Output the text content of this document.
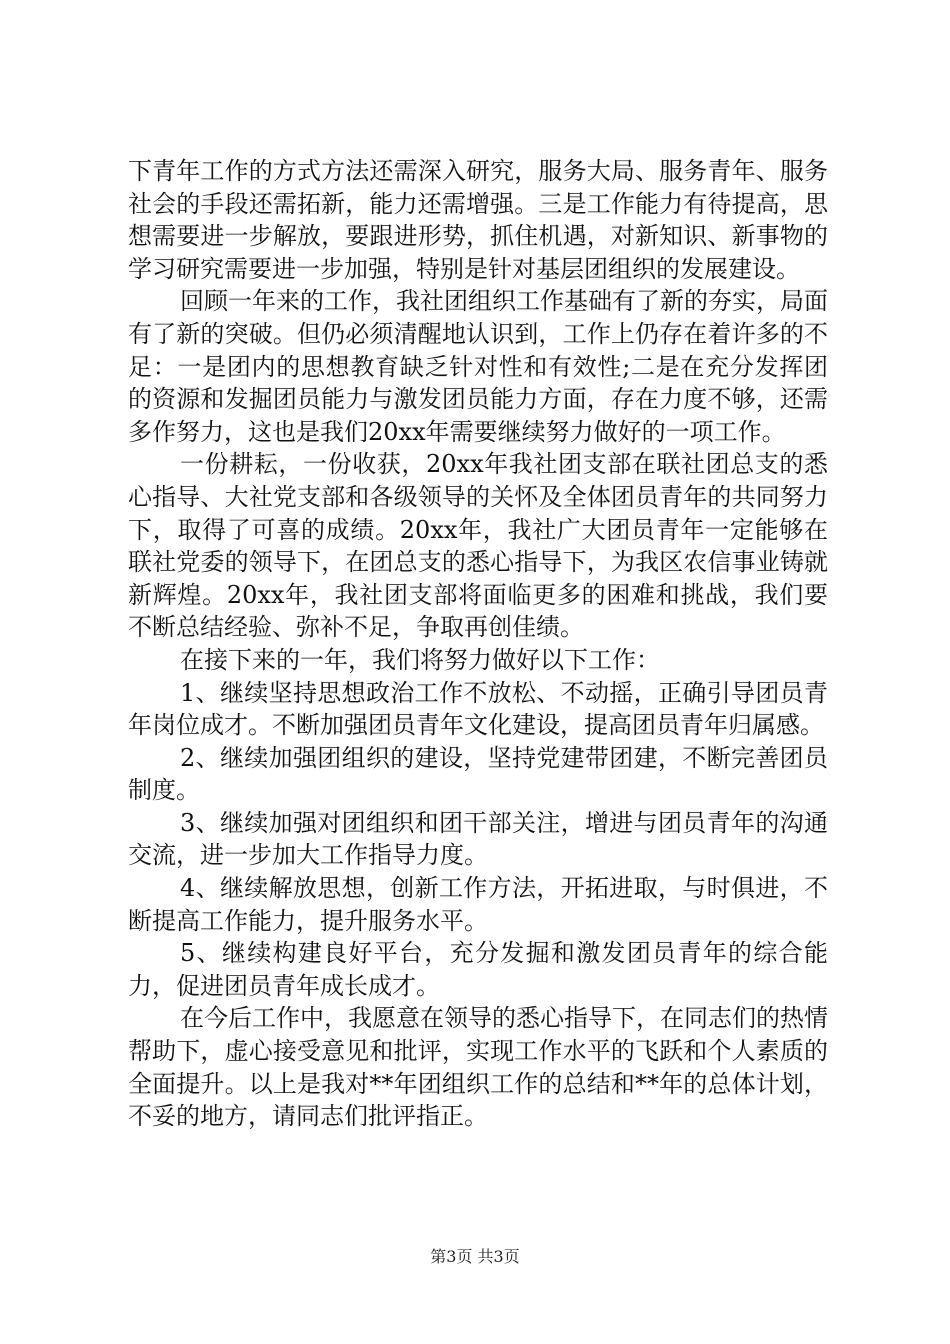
下青年工作的方式方法还需深入研究，服务大局、服务青年、服务社会的手段还需拓新，能力还需增强。三是工作能力有待提高，思想需要进一步解放，要跟进形势，抓住机遇，对新知识、新事物的学习研究需要进一步加强，特别是针对基层团组织的发展建设。

回顾一年来的工作，我社团组织工作基础有了新的夯实，局面有了新的突破。但仍必须清醒地认识到，工作上仍存在着许多的不足：一是团内的思想教育缺乏针对性和有效性;二是在充分发挥团的资源和发掘团员能力与激发团员能力方面，存在力度不够，还需多作努力，这也是我们20xx年需要继续努力做好的一项工作。

一份耕耘，一份收获，20xx年我社团支部在联社团总支的悉心指导、大社党支部和各级领导的关怀及全体团员青年的共同努力下，取得了可喜的成绩。20xx年，我社广大团员青年一定能够在联社党委的领导下，在团总支的悉心指导下，为我区农信事业铸就新辉煌。20xx年，我社团支部将面临更多的困难和挑战，我们要不断总结经验、弥补不足，争取再创佳绩。

在接下来的一年，我们将努力做好以下工作：

1、继续坚持思想政治工作不放松、不动摇，正确引导团员青年岗位成才。不断加强团员青年文化建设，提高团员青年归属感。

2、继续加强团组织的建设，坚持党建带团建，不断完善团员制度。

3、继续加强对团组织和团干部关注，增进与团员青年的沟通交流，进一步加大工作指导力度。

4、继续解放思想，创新工作方法，开拓进取，与时俱进，不断提高工作能力，提升服务水平。

5、继续构建良好平台，充分发掘和激发团员青年的综合能力，促进团员青年成长成才。

在今后工作中，我愿意在领导的悉心指导下，在同志们的热情帮助下，虚心接受意见和批评，实现工作水平的飞跃和个人素质的全面提升。以上是我对**年团组织工作的总结和**年的总体计划，不妥的地方，请同志们批评指正。

第3页 共3页
